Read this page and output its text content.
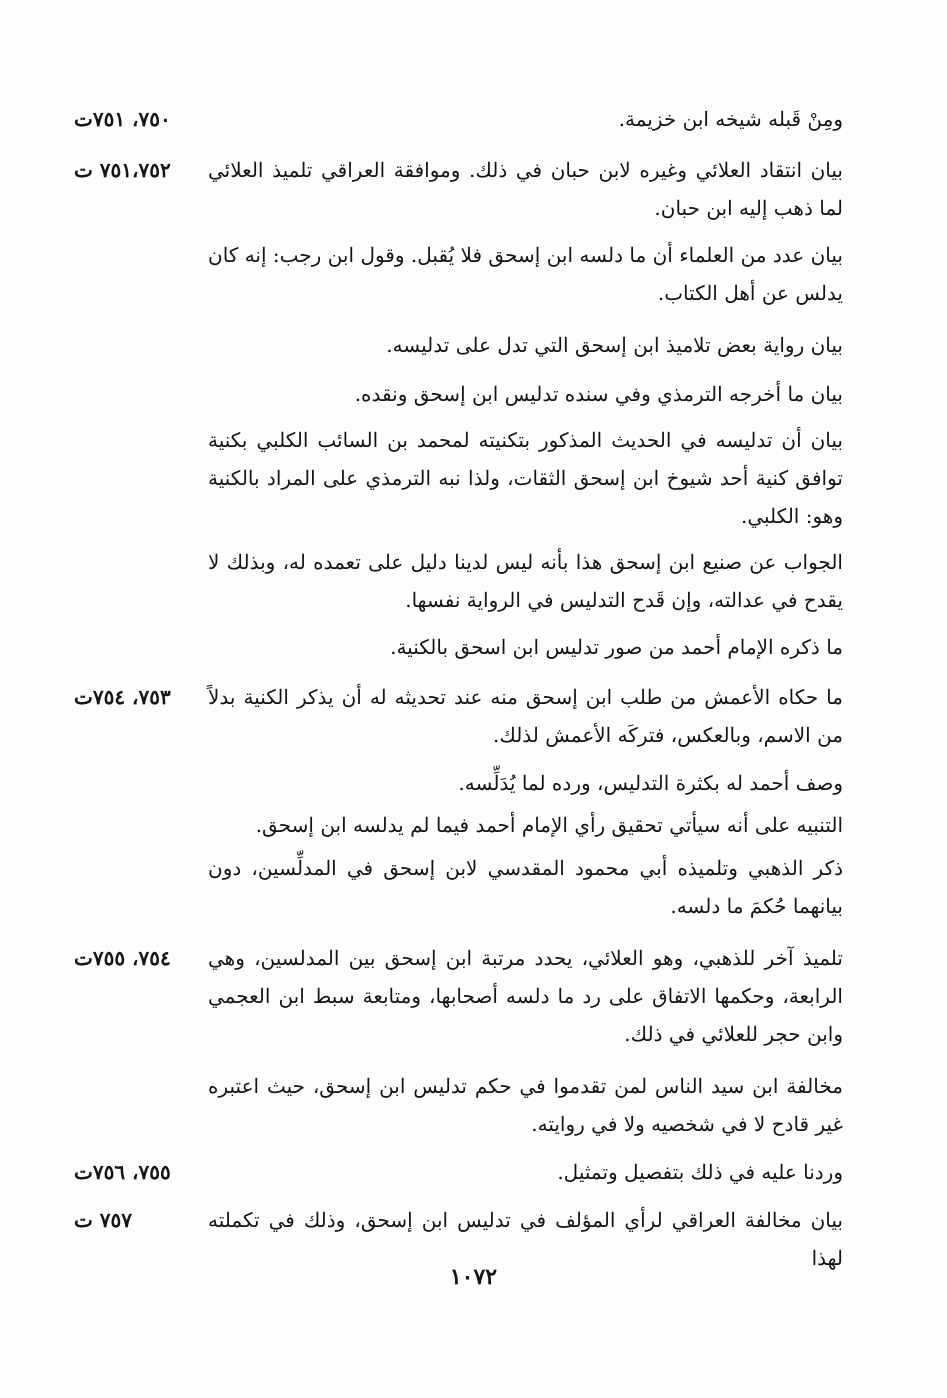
ومِنْ قَبله شيخه ابن خزيمة.
٧٥٠، ٧٥١ت
بيان انتقاد العلائي وغيره لابن حبان في ذلك. وموافقة العراقي تلميذ العلائي لما ذهب إليه ابن حبان.
٧٥١،٧٥٢ ت
بيان عدد من العلماء أن ما دلسه ابن إسحق فلا يُقبل. وقول ابن رجب: إنه كان يدلس عن أهل الكتاب.
بيان رواية بعض تلاميذ ابن إسحق التي تدل على تدليسه.
بيان ما أخرجه الترمذي وفي سنده تدليس ابن إسحق ونقده.
بيان أن تدليسه في الحديث المذكور بتكنيته لمحمد بن السائب الكلبي بكنية توافق كنية أحد شيوخ ابن إسحق الثقات، ولذا نبه الترمذي على المراد بالكنية وهو: الكلبي.
الجواب عن صنيع ابن إسحق هذا بأنه ليس لدينا دليل على تعمده له، وبذلك لا يقدح في عدالته، وإن قَدح التدليس في الرواية نفسها.
ما ذكره الإمام أحمد من صور تدليس ابن اسحق بالكنية.
ما حكاه الأعمش من طلب ابن إسحق منه عند تحديثه له أن يذكر الكنية بدلاً من الاسم، وبالعكس، فتركَه الأعمش لذلك.
٧٥٣، ٧٥٤ت
وصف أحمد له بكثرة التدليس، ورده لما يُدَلِّسه.
التنبيه على أنه سيأتي تحقيق رأي الإمام أحمد فيما لم يدلسه ابن إسحق.
ذكر الذهبي وتلميذه أبي محمود المقدسي لابن إسحق في المدلِّسين، دون بيانهما حُكمَ ما دلسه.
تلميذ آخر للذهبي، وهو العلائي، يحدد مرتبة ابن إسحق بين المدلسين، وهي الرابعة، وحكمها الاتفاق على رد ما دلسه أصحابها، ومتابعة سبط ابن العجمي وابن حجر للعلائي في ذلك.
٧٥٤، ٧٥٥ت
مخالفة ابن سيد الناس لمن تقدموا في حكم تدليس ابن إسحق، حيث اعتبره غير قادح لا في شخصيه ولا في روايته.
وردنا عليه في ذلك بتفصيل وتمثيل.
٧٥٥، ٧٥٦ت
بيان مخالفة العراقي لرأي المؤلف في تدليس ابن إسحق، وذلك في تكملته لهذا
٧٥٧ ت
١٠٧٢
